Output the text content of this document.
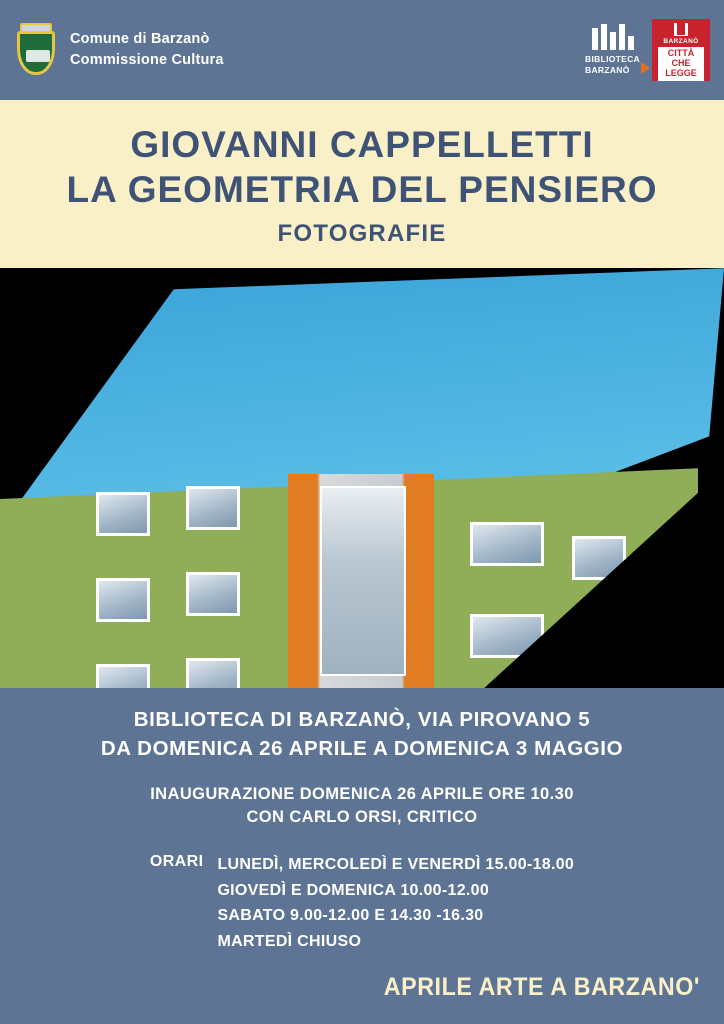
Comune di Barzanò
Commissione Cultura	BIBLIOTECA
BARZANÒ
BARZANÒ
CITTÀ
CHE LEGGE
GIOVANNI CAPPELLETTI
LA GEOMETRIA DEL PENSIERO
FOTOGRAFIE
BIBLIOTECA DI BARZANÒ, VIA PIROVANO 5
DA DOMENICA 26 APRILE A DOMENICA 3 MAGGIO
INAUGURAZIONE DOMENICA 26 APRILE ORE 10.30
CON CARLO ORSI, CRITICO
ORARI LUNEDÌ, MERCOLEDÌ E VENERDÌ 15.00-18.00
GIOVEDÌ E DOMENICA 10.00-12.00
SABATO 9.00-12.00 E 14.30 -16.30
MARTEDÌ CHIUSO
APRILE ARTE A BARZANO'
